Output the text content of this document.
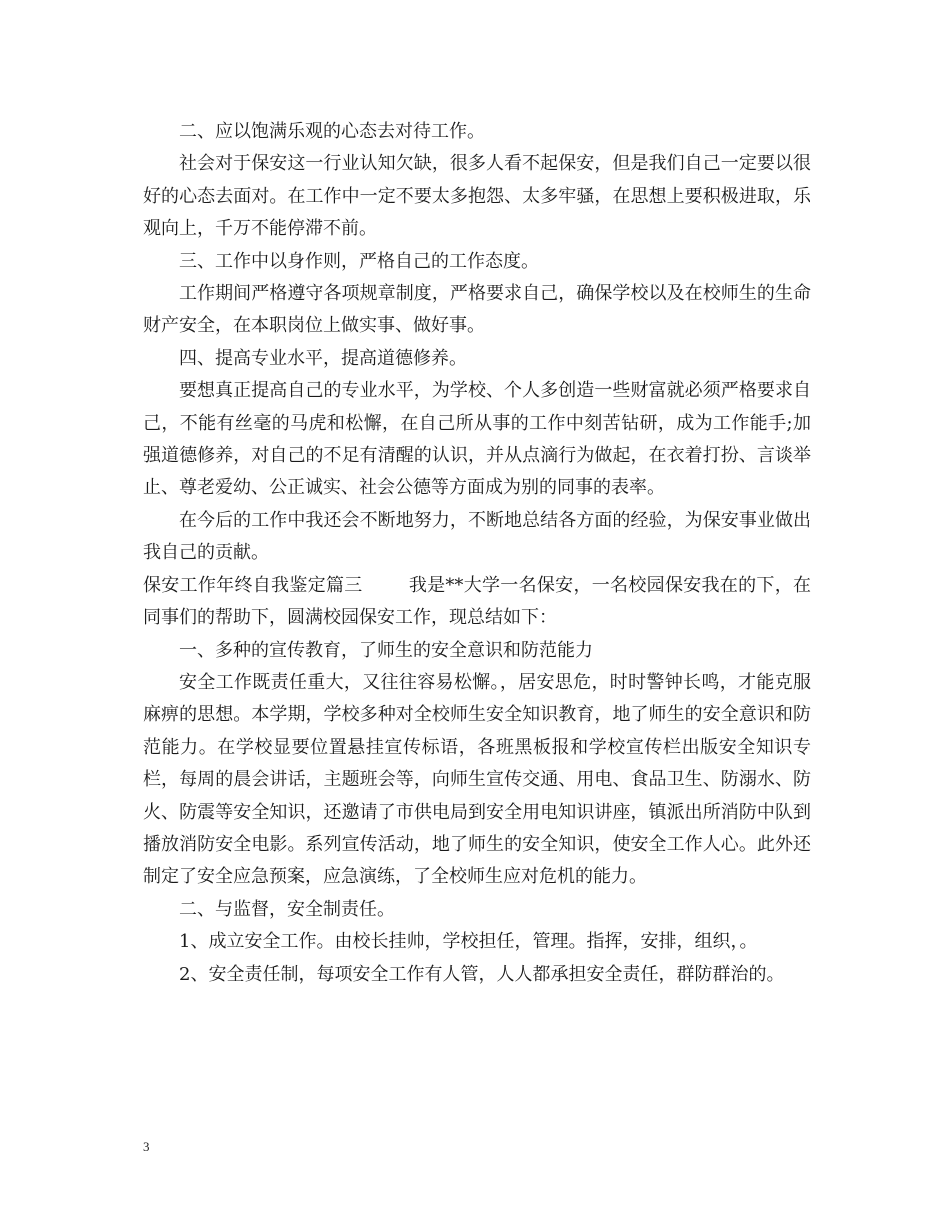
二、应以饱满乐观的心态去对待工作。

社会对于保安这一行业认知欠缺，很多人看不起保安，但是我们自己一定要以很好的心态去面对。在工作中一定不要太多抱怨、太多牢骚，在思想上要积极进取，乐观向上，千万不能停滞不前。

三、工作中以身作则，严格自己的工作态度。

工作期间严格遵守各项规章制度，严格要求自己，确保学校以及在校师生的生命财产安全，在本职岗位上做实事、做好事。

四、提高专业水平，提高道德修养。

要想真正提高自己的专业水平，为学校、个人多创造一些财富就必须严格要求自己，不能有丝毫的马虎和松懈，在自己所从事的工作中刻苦钻研，成为工作能手;加强道德修养，对自己的不足有清醒的认识，并从点滴行为做起，在衣着打扮、言谈举止、尊老爱幼、公正诚实、社会公德等方面成为别的同事的表率。

在今后的工作中我还会不断地努力，不断地总结各方面的经验，为保安事业做出我自己的贡献。

保安工作年终自我鉴定篇三	我是**大学一名保安，一名校园保安我在的下，在同事们的帮助下，圆满校园保安工作，现总结如下：

一、多种的宣传教育，了师生的安全意识和防范能力

安全工作既责任重大，又往往容易松懈。，居安思危，时时警钟长鸣，才能克服麻痹的思想。本学期，学校多种对全校师生安全知识教育，地了师生的安全意识和防范能力。在学校显要位置悬挂宣传标语，各班黑板报和学校宣传栏出版安全知识专栏，每周的晨会讲话，主题班会等，向师生宣传交通、用电、食品卫生、防溺水、防火、防震等安全知识，还邀请了市供电局到安全用电知识讲座，镇派出所消防中队到播放消防安全电影。系列宣传活动，地了师生的安全知识，使安全工作人心。此外还制定了安全应急预案，应急演练，了全校师生应对危机的能力。

二、与监督，安全制责任。

1、成立安全工作。由校长挂帅，学校担任，管理。指挥，安排，组织，。

2、安全责任制，每项安全工作有人管，人人都承担安全责任，群防群治的。

3
